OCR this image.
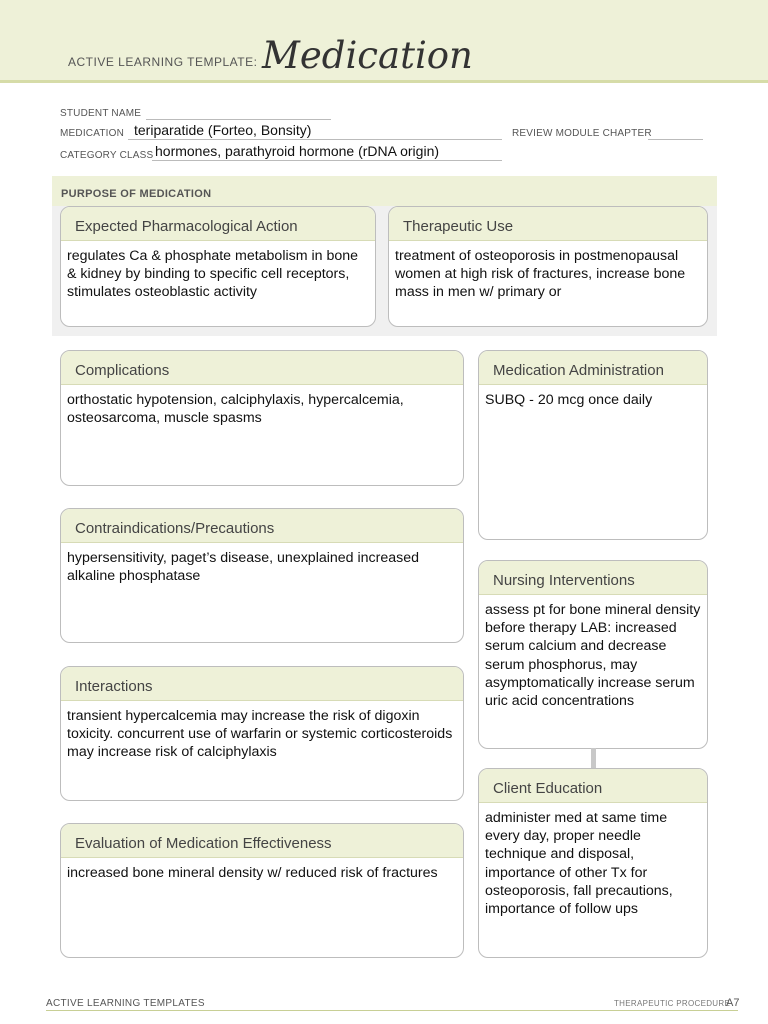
ACTIVE LEARNING TEMPLATE: Medication
STUDENT NAME
MEDICATION teriparatide (Forteo, Bonsity)	REVIEW MODULE CHAPTER
CATEGORY CLASS hormones, parathyroid hormone (rDNA origin)
PURPOSE OF MEDICATION
Expected Pharmacological Action
regulates Ca & phosphate metabolism in bone & kidney by binding to specific cell receptors, stimulates osteoblastic activity
Therapeutic Use
treatment of osteoporosis in postmenopausal women at high risk of fractures, increase bone mass in men w/ primary or
Complications
orthostatic hypotension, calciphylaxis, hypercalcemia, osteosarcoma, muscle spasms
Contraindications/Precautions
hypersensitivity, paget’s disease, unexplained increased alkaline phosphatase
Interactions
transient hypercalcemia may increase the risk of digoxin toxicity. concurrent use of warfarin or systemic corticosteroids may increase risk of calciphylaxis
Evaluation of Medication Effectiveness
increased bone mineral density w/ reduced risk of fractures
Medication Administration
SUBQ - 20 mcg once daily
Nursing Interventions
assess pt for bone mineral density before therapy LAB: increased serum calcium and decrease serum phosphorus, may asymptomatically increase serum uric acid concentrations
Client Education
administer med at same time every day, proper needle technique and disposal, importance of other Tx for osteoporosis, fall precautions, importance of follow ups
ACTIVE LEARNING TEMPLATES	THERAPEUTIC PROCEDURE
A7
